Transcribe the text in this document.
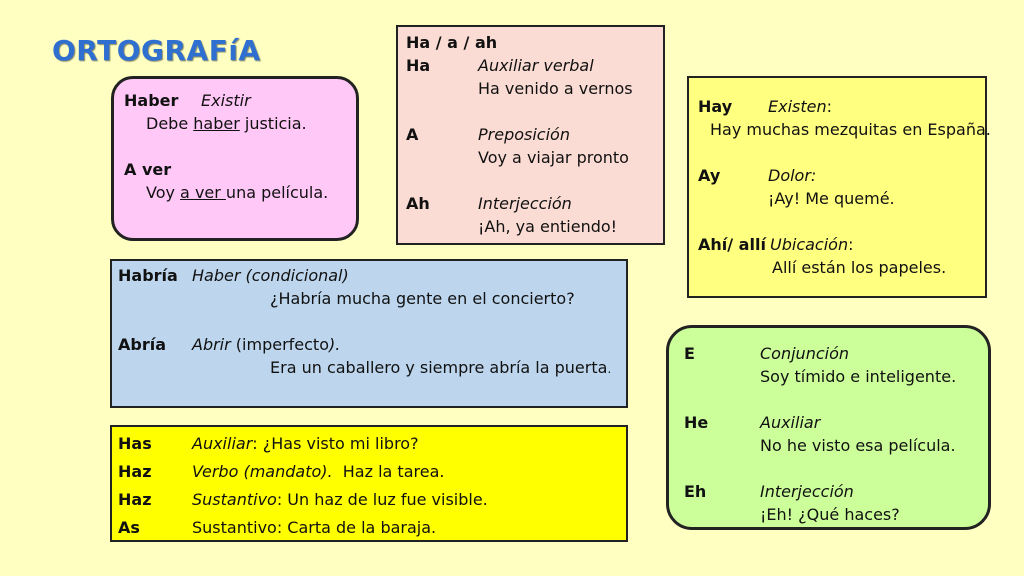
ORTOGRAFíA
Haber Existir
Debe haber justicia.
A ver
Voy a ver una película.
Ha / a / ah
Ha	Auxiliar verbal
Ha venido a vernos
A	Preposición
Voy a viajar pronto
Ah	Interjección
¡Ah, ya entiendo!
Hay Existen:
Hay muchas mezquitas en España.
Ay	Dolor:
¡Ay! Me quemé.
Ahí/ allí Ubicación:
Allí están los papeles.
Habría Haber (condicional)
¿Habría mucha gente en el concierto?
Abría Abrir (imperfecto).
Era un caballero y siempre abría la puerta.
E	Conjunción
Soy tímido e inteligente.
He	Auxiliar
No he visto esa película.
Eh	Interjección
¡Eh! ¿Qué haces?
Has	Auxiliar: ¿Has visto mi libro?
Haz	Verbo (mandato).  Haz la tarea.
Haz	Sustantivo: Un haz de luz fue visible.
As	Sustantivo: Carta de la baraja.
